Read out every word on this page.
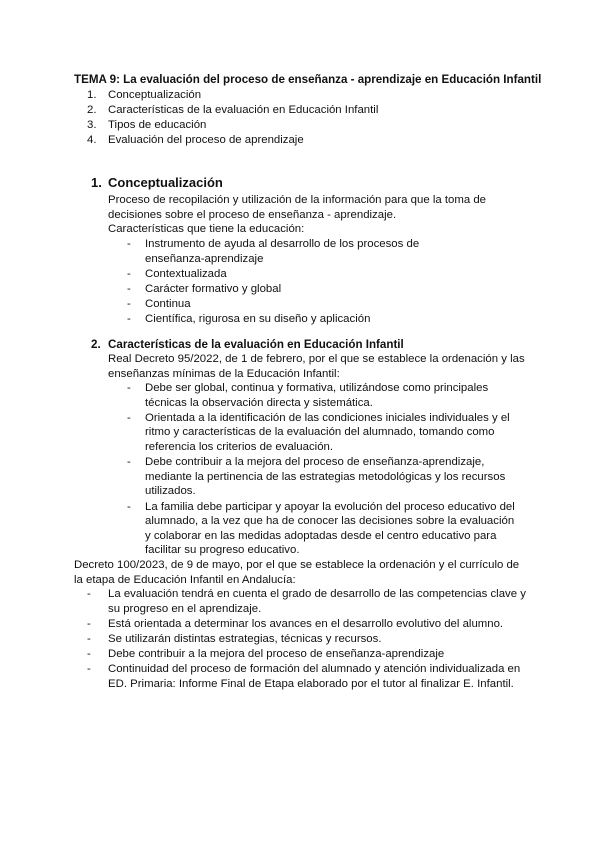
TEMA 9: La evaluación del proceso de enseñanza - aprendizaje en Educación Infantil
1. Conceptualización
2. Características de la evaluación en Educación Infantil
3. Tipos de educación
4. Evaluación del proceso de aprendizaje
1. Conceptualización

Proceso de recopilación y utilización de la información para que la toma de decisiones sobre el proceso de enseñanza - aprendizaje.

Características que tiene la educación:

- Instrumento de ayuda al desarrollo de los procesos de enseñanza-aprendizaje
- Contextualizada
- Carácter formativo y global
- Continua
- Científica, rigurosa en su diseño y aplicación
2. Características de la evaluación en Educación Infantil

Real Decreto 95/2022, de 1 de febrero, por el que se establece la ordenación y las enseñanzas mínimas de la Educación Infantil:

- Debe ser global, continua y formativa, utilizándose como principales técnicas la observación directa y sistemática.
- Orientada a la identificación de las condiciones iniciales individuales y el ritmo y características de la evaluación del alumnado, tomando como referencia los criterios de evaluación.
- Debe contribuir a la mejora del proceso de enseñanza-aprendizaje, mediante la pertinencia de las estrategias metodológicas y los recursos utilizados.
- La familia debe participar y apoyar la evolución del proceso educativo del alumnado, a la vez que ha de conocer las decisiones sobre la evaluación y colaborar en las medidas adoptadas desde el centro educativo para facilitar su progreso educativo.

Decreto 100/2023, de 9 de mayo, por el que se establece la ordenación y el currículo de la etapa de Educación Infantil en Andalucía:

- La evaluación tendrá en cuenta el grado de desarrollo de las competencias clave y su progreso en el aprendizaje.
- Está orientada a determinar los avances en el desarrollo evolutivo del alumno.
- Se utilizarán distintas estrategias, técnicas y recursos.
- Debe contribuir a la mejora del proceso de enseñanza-aprendizaje
- Continuidad del proceso de formación del alumnado y atención individualizada en ED. Primaria: Informe Final de Etapa elaborado por el tutor al finalizar E. Infantil.
